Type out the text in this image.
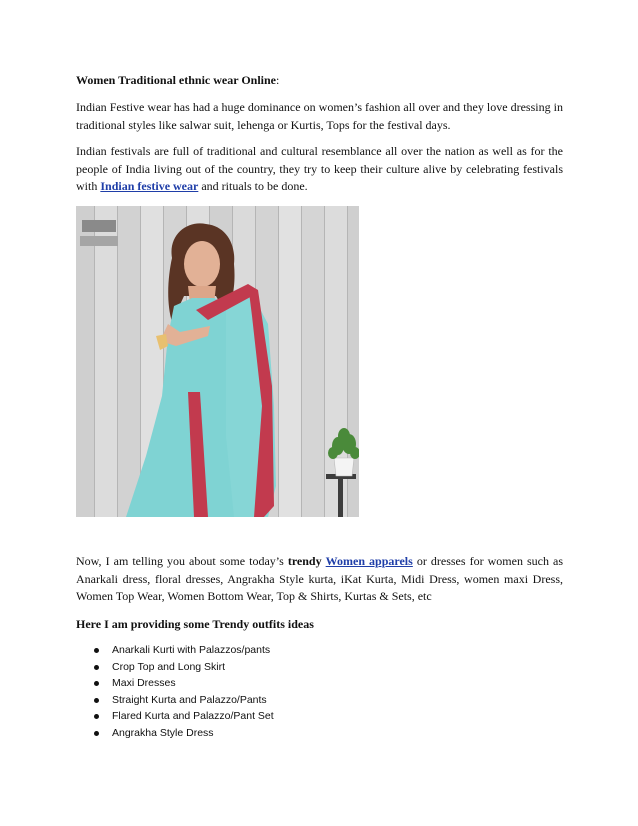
Women Traditional ethnic wear Online:

Indian Festive wear has had a huge dominance on women’s fashion all over and they love dressing in traditional styles like salwar suit, lehenga or Kurtis, Tops for the festival days.

Indian festivals are full of traditional and cultural resemblance all over the nation as well as for the people of India living out of the country, they try to keep their culture alive by celebrating festivals with Indian festive wear and rituals to be done.

Now, I am telling you about some today’s trendy Women apparels or dresses for women such as Anarkali dress, floral dresses, Angrakha Style kurta, iKat Kurta, Midi Dress, women maxi Dress, Women Top Wear, Women Bottom Wear, Top & Shirts, Kurtas & Sets, etc

Here I am providing some Trendy outfits ideas
Anarkali Kurti with Palazzos/pants
Crop Top and Long Skirt
Maxi Dresses
Straight Kurta and Palazzo/Pants
Flared Kurta and Palazzo/Pant Set
Angrakha Style Dress
